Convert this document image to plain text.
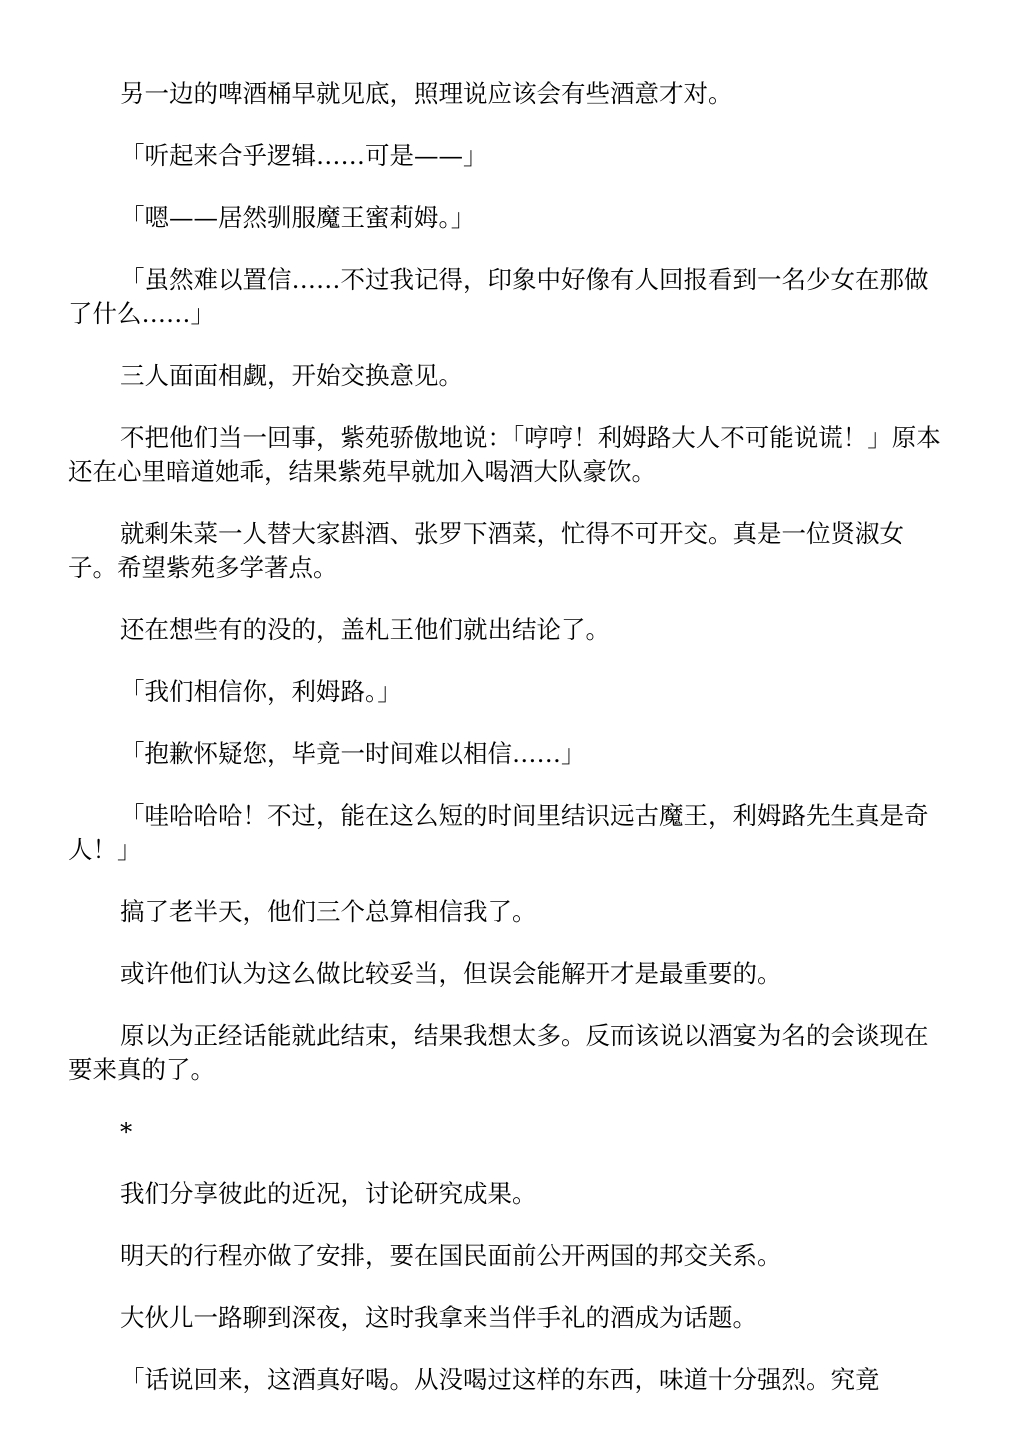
另一边的啤酒桶早就见底，照理说应该会有些酒意才对。

「听起来合乎逻辑……可是——」

「嗯——居然驯服魔王蜜莉姆。」

「虽然难以置信……不过我记得，印象中好像有人回报看到一名少女在那做了什么……」

三人面面相觑，开始交换意见。

不把他们当一回事，紫苑骄傲地说：「哼哼！利姆路大人不可能说谎！」原本还在心里暗道她乖，结果紫苑早就加入喝酒大队豪饮。

就剩朱菜一人替大家斟酒、张罗下酒菜，忙得不可开交。真是一位贤淑女子。希望紫苑多学著点。

还在想些有的没的，盖札王他们就出结论了。

「我们相信你，利姆路。」

「抱歉怀疑您，毕竟一时间难以相信……」

「哇哈哈哈！不过，能在这么短的时间里结识远古魔王，利姆路先生真是奇人！」

搞了老半天，他们三个总算相信我了。

或许他们认为这么做比较妥当，但误会能解开才是最重要的。

原以为正经话能就此结束，结果我想太多。反而该说以酒宴为名的会谈现在要来真的了。

*

我们分享彼此的近况，讨论研究成果。

明天的行程亦做了安排，要在国民面前公开两国的邦交关系。

大伙儿一路聊到深夜，这时我拿来当伴手礼的酒成为话题。

「话说回来，这酒真好喝。从没喝过这样的东西，味道十分强烈。究竟
